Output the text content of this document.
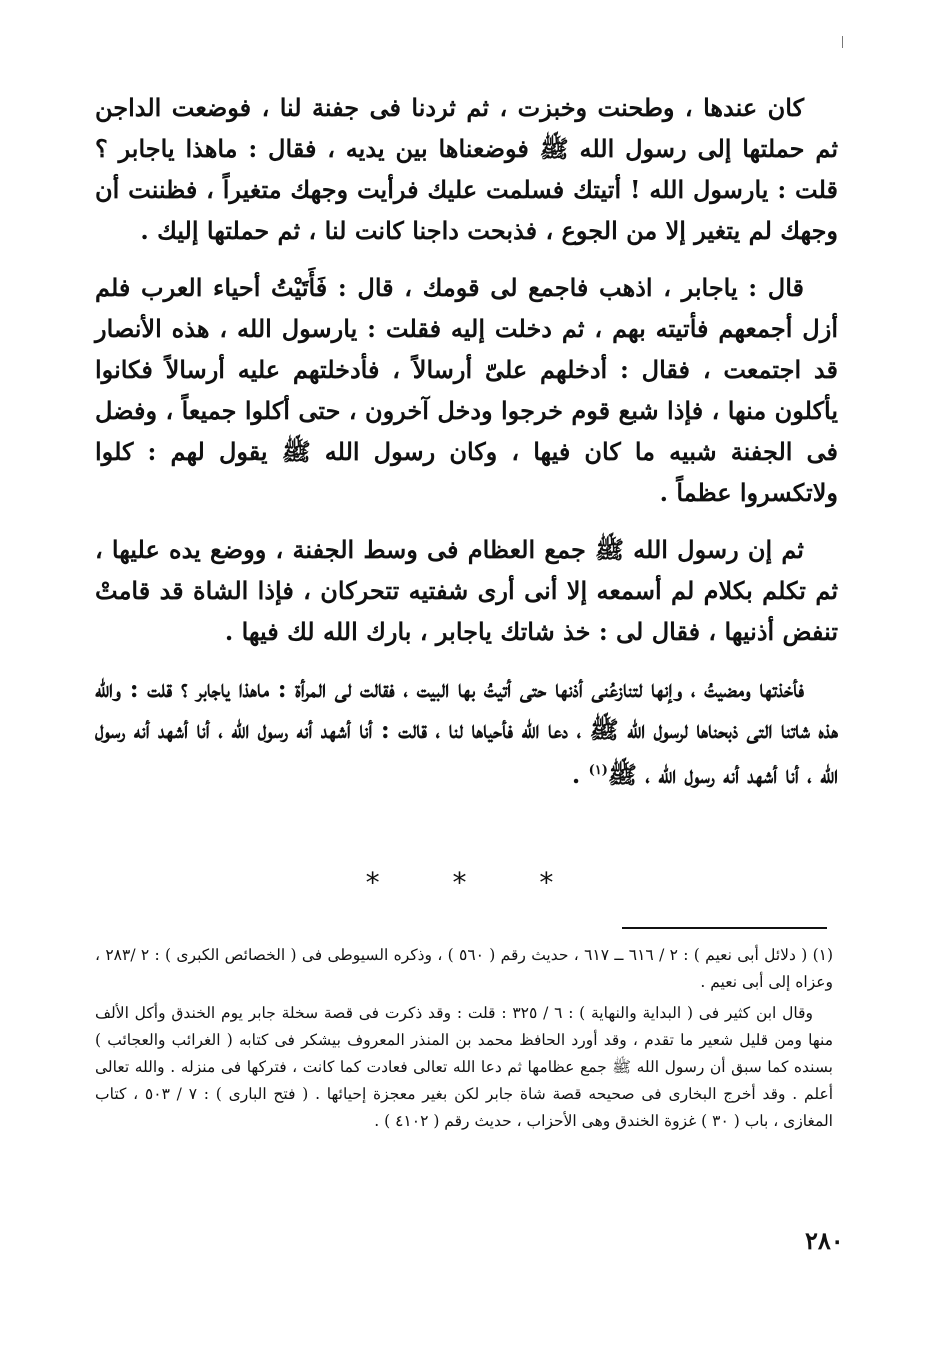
كان عندها ، وطحنت وخبزت ، ثم ثردنا فى جفنة لنا ، فوضعت الداجن ثم حملتها إلى رسول الله ﷺ فوضعناها بين يديه ، فقال : ماهذا ياجابر ؟ قلت : يارسول الله ! أتيتك فسلمت عليك فرأيت وجهك متغيراً ، فظننت أن وجهك لم يتغير إلا من الجوع ، فذبحت داجنا كانت لنا ، ثم حملتها إليك .

قال : ياجابر ، اذهب فاجمع لى قومك ، قال : فَأَتَيْتُ أحياء العرب فلم أزل أجمعهم فأتيته بهم ، ثم دخلت إليه فقلت : يارسول الله ، هذه الأنصار قد اجتمعت ، فقال : أدخلهم علىّ أرسالاً ، فأدخلتهم عليه أرسالاً فكانوا يأكلون منها ، فإذا شبع قوم خرجوا ودخل آخرون ، حتى أكلوا جميعاً ، وفضل فى الجفنة شبيه ما كان فيها ، وكان رسول الله ﷺ يقول لهم : كلوا ولاتكسروا عظماً .

ثم إن رسول الله ﷺ جمع العظام فى وسط الجفنة ، ووضع يده عليها ، ثم تكلم بكلام لم أسمعه إلا أنى أرى شفتيه تتحركان ، فإذا الشاة قد قامتْ تنفض أذنيها ، فقال لى : خذ شاتك ياجابر ، بارك الله لك فيها .

فأخذتها ومضيتُ ، وإنها لتنازعُنى أذنها حتى أتيتُ بها البيت ، فقالت لى المرأة : ماهذا ياجابر ؟ قلت : والله هذه شاتنا التى ذبحناها لرسول الله ﷺ ، دعا الله فأحياها لنا ، قالت : أنا أشهد أنه رسول الله ، أنا أشهد أنه رسول الله ، أنا أشهد أنه رسول الله ، ﷺ$^{(١)}$ .

* * *

(١) ( دلائل أبى نعيم ) : ٢ / ٦١٦ ــ ٦١٧ ، حديث رقم ( ٥٦٠ ) ، وذكره السيوطى فى ( الخصائص الكبرى ) : ٢ /٢٨٣ ، وعزاه إلى أبى نعيم .

وقال ابن كثير فى ( البداية والنهاية ) : ٦ / ٣٢٥ : قلت : وقد ذكرت فى قصة سخلة جابر يوم الخندق وأكل الألف منها ومن قليل شعير ما تقدم ، وقد أورد الحافظ محمد بن المنذر المعروف بيشكر فى كتابه ( الغرائب والعجائب ) بسنده كما سبق أن رسول الله ﷺ جمع عظامها ثم دعا الله تعالى فعادت كما كانت ، فتركها فى منزله . والله تعالى أعلم . وقد أخرج البخارى فى صحيحه قصة شاة جابر لكن بغير معجزة إحيائها . ( فتح البارى ) : ٧ / ٥٠٣ ، كتاب المغازى ، باب ( ٣٠ ) غزوة الخندق وهى الأحزاب ، حديث رقم ( ٤١٠٢ ) .

٢٨٠
